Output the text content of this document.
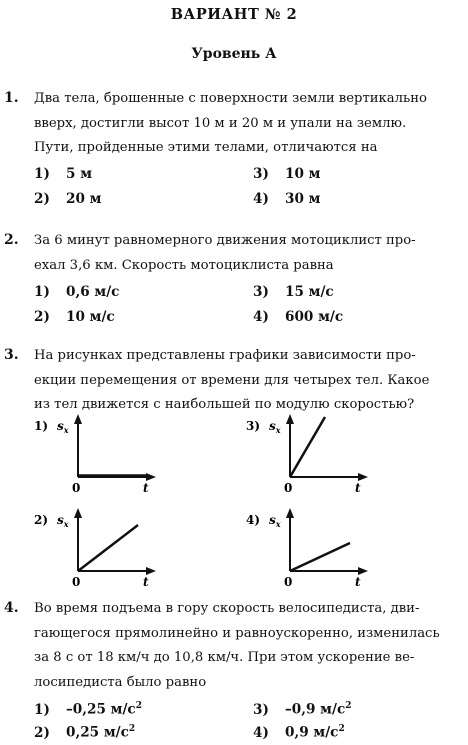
ВАРИАНТ № 2
Уровень А
1. Два тела, брошенные с поверхности земли вертикально
вверх, достигли высот 10 м и 20 м и упали на землю.
Пути, пройденные этими телами, отличаются на
1) 5 м
2) 20 м
3) 10 м
4) 30 м
2. За 6 минут равномерного движения мотоциклист про-
ехал 3,6 км. Скорость мотоциклиста равна
1) 0,6 м/с
2) 10 м/с
3) 15 м/с
4) 600 м/с
3. На рисунках представлены графики зависимости про-
екции перемещения от времени для четырех тел. Какое
из тел движется с наибольшей по модулю скоростью?
1) $s_x$
0	t
3) $s_x$
0	t
2) $s_x$
0	t
4) $s_x$
0	t
4. Во время подъема в гору скорость велосипедиста, дви-
гающегося прямолинейно и равноускоренно, изменилась
за 8 с от 18 км/ч до 10,8 км/ч. При этом ускорение ве-
лосипедиста было равно
1) –0,25 $м/с^2$
2) 0,25 $м/с^2$
3) –0,9 $м/с^2$
4) 0,9 $м/с^2$
